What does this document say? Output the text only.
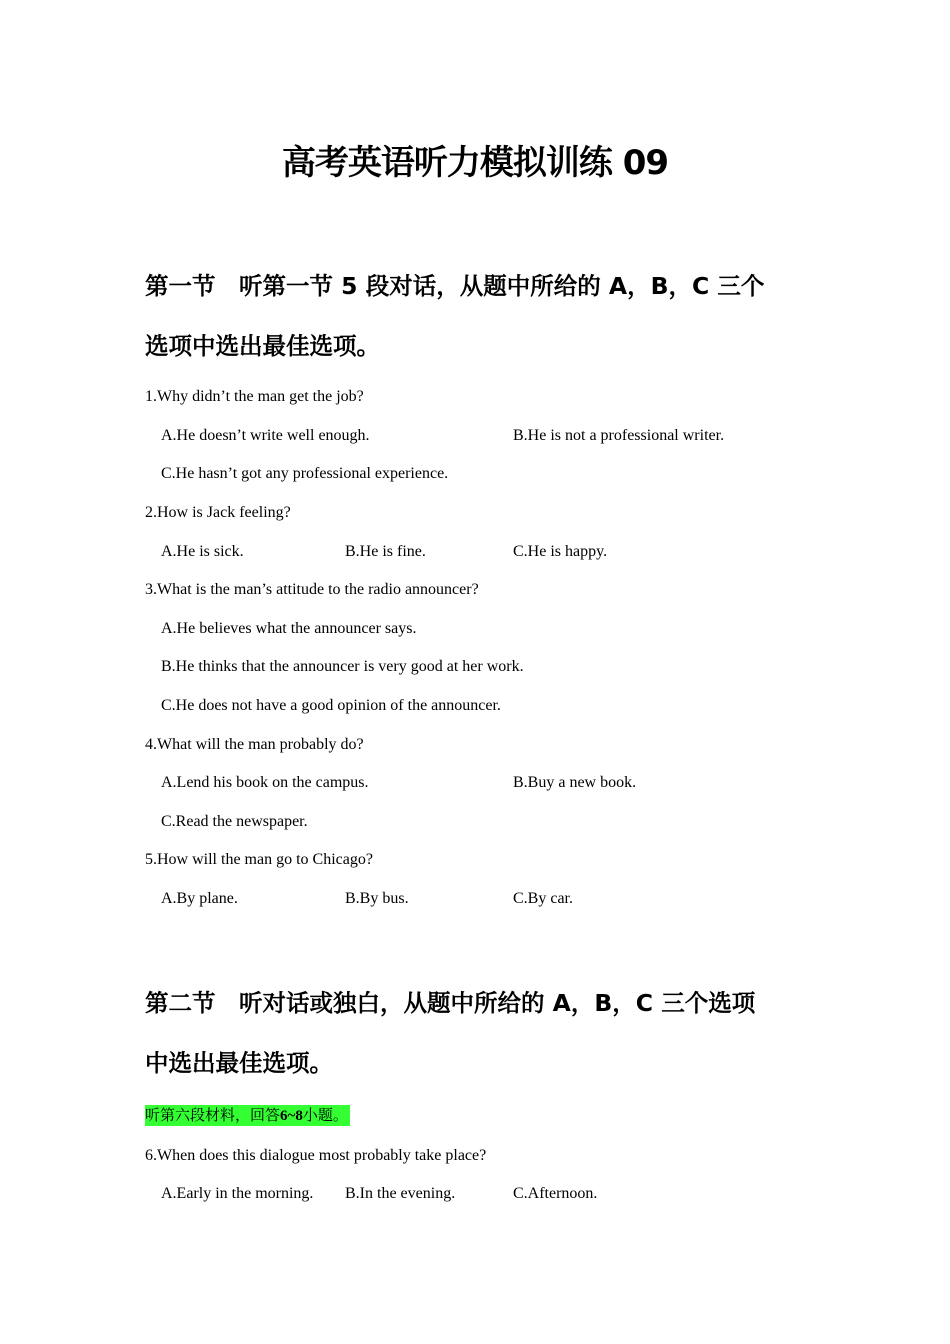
高考英语听力模拟训练 09
第一节　听第一节 5 段对话，从题中所给的 A，B，C 三个
选项中选出最佳选项。
1.Why didn’t the man get the job?
A.He doesn’t write well enough.	B.He is not a professional writer.
C.He hasn’t got any professional experience.
2.How is Jack feeling?
A.He is sick.	B.He is fine.	C.He is happy.
3.What is the man’s attitude to the radio announcer?
A.He believes what the announcer says.
B.He thinks that the announcer is very good at her work.
C.He does not have a good opinion of the announcer.
4.What will the man probably do?
A.Lend his book on the campus.	B.Buy a new book.
C.Read the newspaper.
5.How will the man go to Chicago?
A.By plane.	B.By bus.	C.By car.
第二节　听对话或独白，从题中所给的 A，B，C 三个选项
中选出最佳选项。
听第六段材料，回答6~8小题。
6.When does this dialogue most probably take place?
A.Early in the morning. B.In the evening.	C.Afternoon.
